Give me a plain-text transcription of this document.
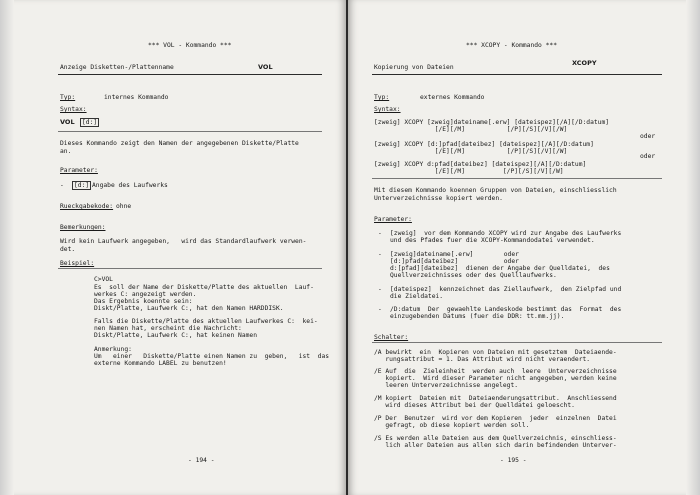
*** VOL - Kommando ***
Anzeige Disketten-/Plattenname	VOL
Typ:	internes Kommando
Syntax:
VOL	[d:]
Dieses Kommando zeigt den Namen der angegebenen Diskette/Platte
an.
Parameter:
-	[d:] Angabe des Laufwerks
Rueckgabekode: ohne
Bemerkungen:
Wird kein Laufwerk angegeben,   wird das Standardlaufwerk verwen-
det.
Beispiel:
C>VOL
Es  soll der Name der Diskette/Platte des aktuellen  Lauf-
werkes C: angezeigt werden.
Das Ergebnis koennte sein:
Diskt/Platte, Laufwerk C:, hat den Namen HARDDISK.
Falls die Diskette/Platte des aktuellen Laufwerkes C:  kei-
nen Namen hat, erscheint die Nachricht:
Diskt/Platte, Laufwerk C:, hat keinen Namen
Anmerkung:
Um   einer   Diskette/Platte einen Namen zu  geben,   ist  das
externe Kommando LABEL zu benutzen!
- 194 -
*** XCOPY - Kommando ***
Kopierung von Dateien
XCOPY
Typ:	externes Kommando
Syntax:
[zweig] XCOPY [zweig]dateiname[.erw] [dateispez][/A][/D:datum]
[/E][/M]           [/P][/S][/V][/W]
oder
[zweig] XCOPY [d:]pfad[dateibez] [dateispez][/A][/D:datum]
[/E][/M]           [/P][/S][/V][/W]
oder
[zweig] XCOPY d:pfad[dateibez] [dateispez][/A][/D:datum]
[/E][/M]          [/P][/S][/V][/W]
Mit diesem Kommando koennen Gruppen von Dateien, einschliesslich
Unterverzeichnisse kopiert werden.
Parameter:
- [zweig]  vor dem Kommando XCOPY wird zur Angabe des Laufwerks
und des Pfades fuer die XCOPY-Kommandodatei verwendet.
- [zweig]dateiname[.erw]        oder
[d:]pfad[dateibez]            oder
d:[pfad][dateibez]  dienen der Angabe der Quelldatei,  des
Quellverzeichnisses oder des Quelllaufwerks.
- [dateispez]  kennzeichnet das Ziellaufwerk,  den Zielpfad und
die Zieldatei.
- /D:datum  Der  gewaehlte Landeskode bestimmt das  Format  des
einzugebenden Datums (fuer die DDR: tt.mm.jj).
Schalter:
/A bewirkt  ein  Kopieren von Dateien mit gesetztem  Dateiaende-
rungsattribut = 1. Das Attribut wird nicht veraendert.
/E Auf  die  Zieleinheit  werden auch  leere  Unterverzeichnisse
kopiert.  Wird dieser Parameter nicht angegeben, werden keine
leeren Unterverzeichnisse angelegt.
/M kopiert  Dateien mit  Dateiaenderungsattribut.  Anschliessend
wird dieses Attribut bei der Quelldatei geloescht.
/P Der  Benutzer  wird vor dem Kopieren  jeder  einzelnen  Datei
gefragt, ob diese kopiert werden soll.
/S Es werden alle Dateien aus dem Quellverzeichnis, einschliess-
lich aller Dateien aus allen sich darin befindenden Unterver-
- 195 -
